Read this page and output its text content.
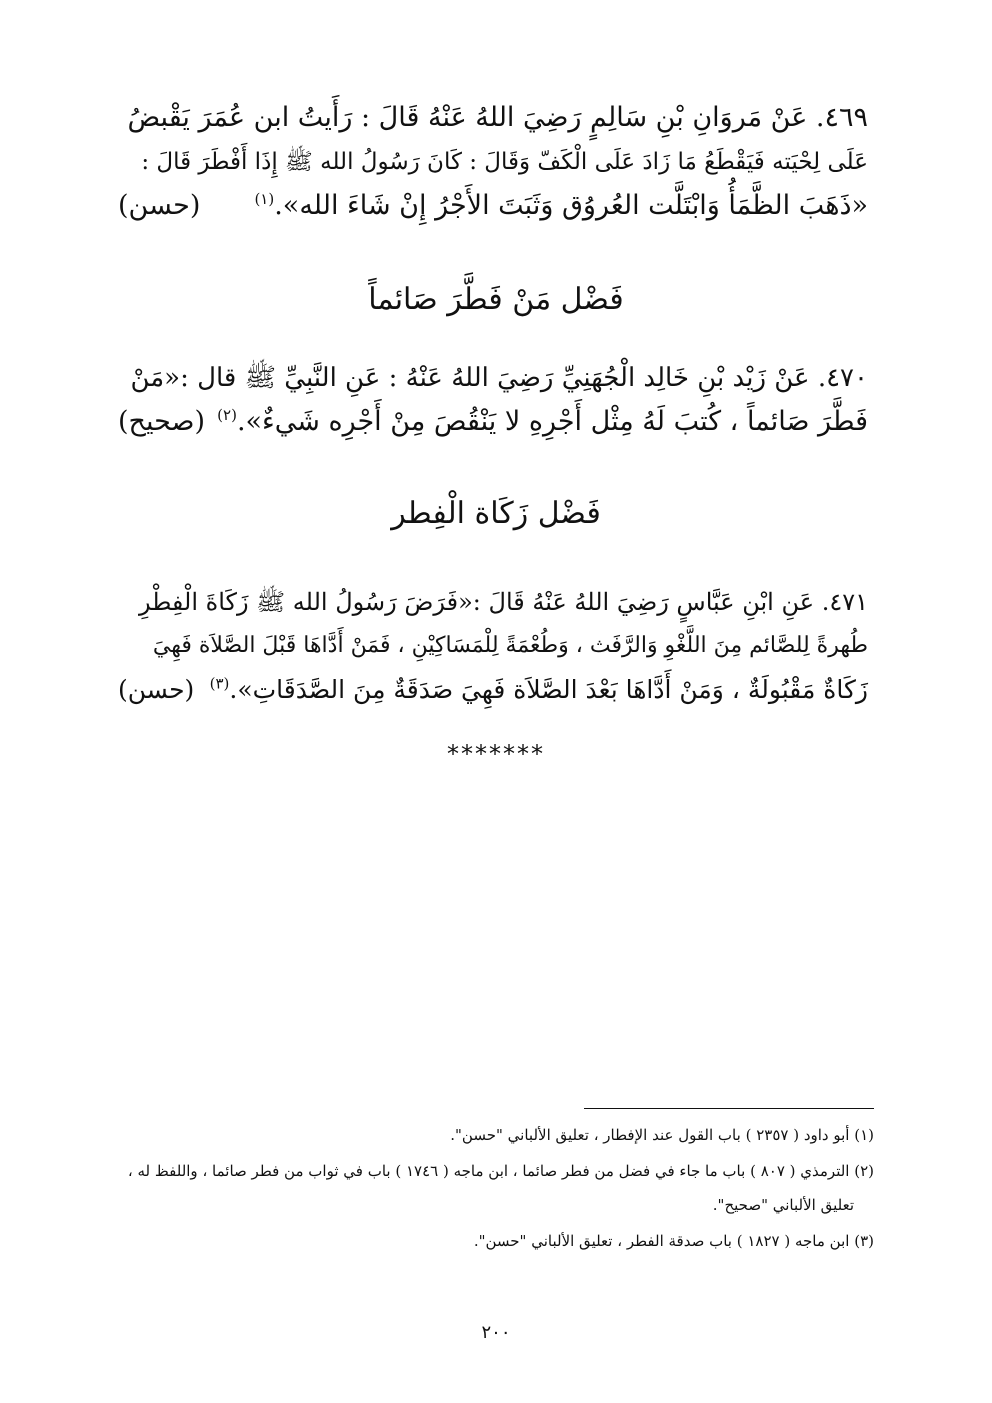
٤٦٩. عَنْ مَروَانِ بْنِ سَالِمٍ رَضِيَ اللهُ عَنْهُ قَالَ : رَأَيتُ ابن عُمَرَ يَقْبضُ
عَلَى لِحْيَته فَيَقْطَعُ مَا زَادَ عَلَى الْكَفّ وَقَالَ : كَانَ رَسُولُ الله ﷺ إِذَا أَفْطَرَ قَالَ :
«ذَهَبَ الظَّمَأُ وَابْتَلَّت العُروُق وَثَبَتَ الأَجْرُ إِنْ شَاءَ الله».$^{(١)}$
(حسن)
فَضْل مَنْ فَطَّرَ صَائماً
٤٧٠. عَنْ زَيْد بْنِ خَالِد الْجُهَنِيِّ رَضِيَ اللهُ عَنْهُ : عَنِ النَّبِيِّ ﷺ قال :«مَنْ
فَطَّرَ صَائماً ، كُتبَ لَهُ مِثْل أَجْرِهِ لا يَنْقُصَ مِنْ أَجْرِه شَيءٌ».$^{(٢)}$
(صحيح)
فَضْل زَكَاة الْفِطر
٤٧١. عَنِ ابْنِ عَبَّاسٍ رَضِيَ اللهُ عَنْهُ قَالَ :«فَرَضَ رَسُولُ الله ﷺ زَكَاةَ الْفِطْرِ
طُهرةً لِلصَّائم مِنَ اللَّغْوِ وَالرَّفَث ، وَطُعْمَةً لِلْمَسَاكِيْنِ ، فَمَنْ أَدَّاهَا قَبْلَ الصَّلاَة فَهِيَ
زَكَاةٌ مَقْبُولَةٌ ، وَمَنْ أَدَّاهَا بَعْدَ الصَّلاَة فَهِيَ صَدَقَةٌ مِنَ الصَّدَقَاتِ».$^{(٣)}$
(حسن)
*******
(١) أبو داود ( ٢٣٥٧ ) باب القول عند الإفطار ، تعليق الألباني "حسن".
(٢) الترمذي ( ٨٠٧ ) باب ما جاء في فضل من فطر صائما ، ابن ماجه ( ١٧٤٦ ) باب في ثواب من فطر صائما ، واللفظ له ،
تعليق الألباني "صحيح".
(٣) ابن ماجه ( ١٨٢٧ ) باب صدقة الفطر ، تعليق الألباني "حسن".
٢٠٠
